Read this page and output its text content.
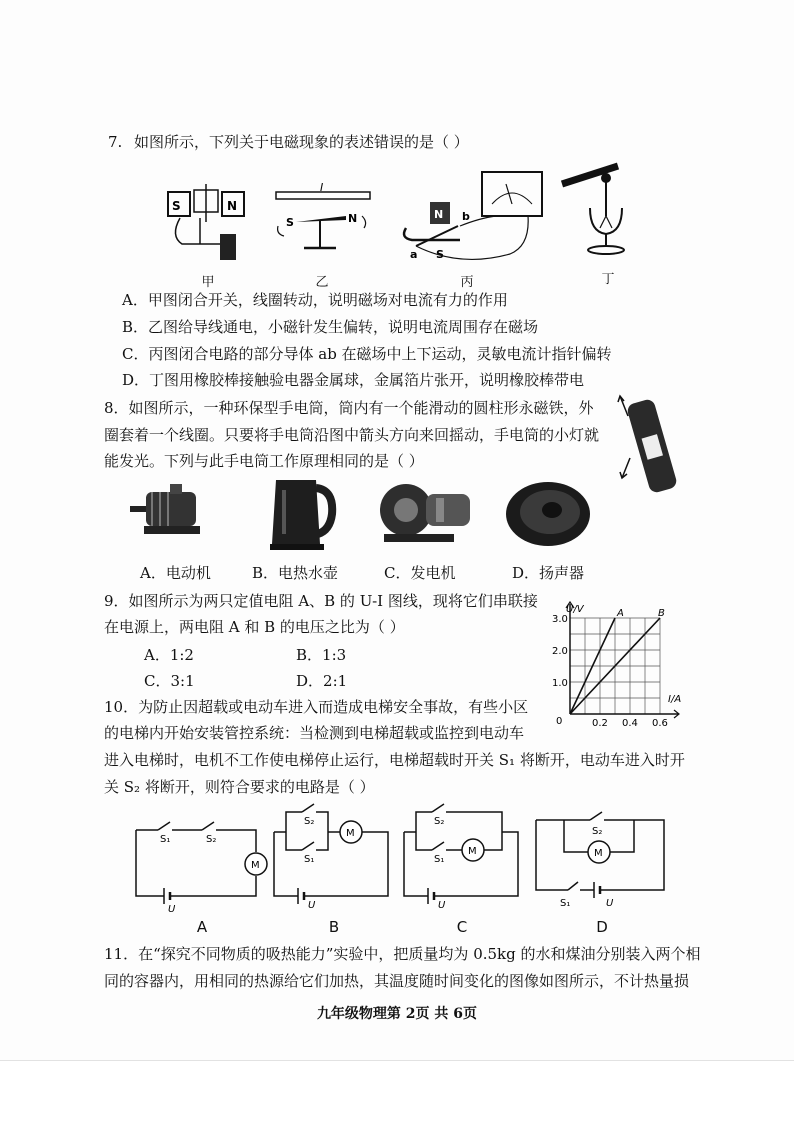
7. 如图所示，下列关于电磁现象的表述错误的是（ ）
S	N
甲
I
S	N
乙
N
a
b
S
丙	丁
A．甲图闭合开关，线圈转动，说明磁场对电流有力的作用
B．乙图给导线通电，小磁针发生偏转，说明电流周围存在磁场
C．丙图闭合电路的部分导体 ab 在磁场中上下运动，灵敏电流计指针偏转
D．丁图用橡胶棒接触验电器金属球，金属箔片张开，说明橡胶棒带电
8．如图所示，一种环保型手电筒，筒内有一个能滑动的圆柱形永磁铁，外
圈套着一个线圈。只要将手电筒沿图中箭头方向来回摇动，手电筒的小灯就
能发光。下列与此手电筒工作原理相同的是（ ）
A．电动机	B．电热水壶	C．发电机	D．扬声器
9．如图所示为两只定值电阻 A、B 的 U-I 图线，现将它们串联接
在电源上，两电阻 A 和 B 的电压之比为（ ）
A．1:2	B．1:3
C．3:1	D．2:1
U/V
I/A
0	0.2 0.4 0.6
1.0
2.0
3.0
A	B
10．为防止因超载或电动车进入而造成电梯安全事故，有些小区
的电梯内开始安装管控系统：当检测到电梯超载或监控到电动车
进入电梯时，电机不工作使电梯停止运行，电梯超载时开关 S₁ 将断开，电动车进入时开
关 S₂ 将断开，则符合要求的电路是（ ）
S₁	S₂
M
U
A
S₂
S₁
M
U
B
S₂
S₁
M
U
C
S₂
M
S₁	U
D
11．在“探究不同物质的吸热能力”实验中，把质量均为 0.5kg 的水和煤油分别装入两个相
同的容器内，用相同的热源给它们加热，其温度随时间变化的图像如图所示，不计热量损
九年级物理第 2页 共 6页
